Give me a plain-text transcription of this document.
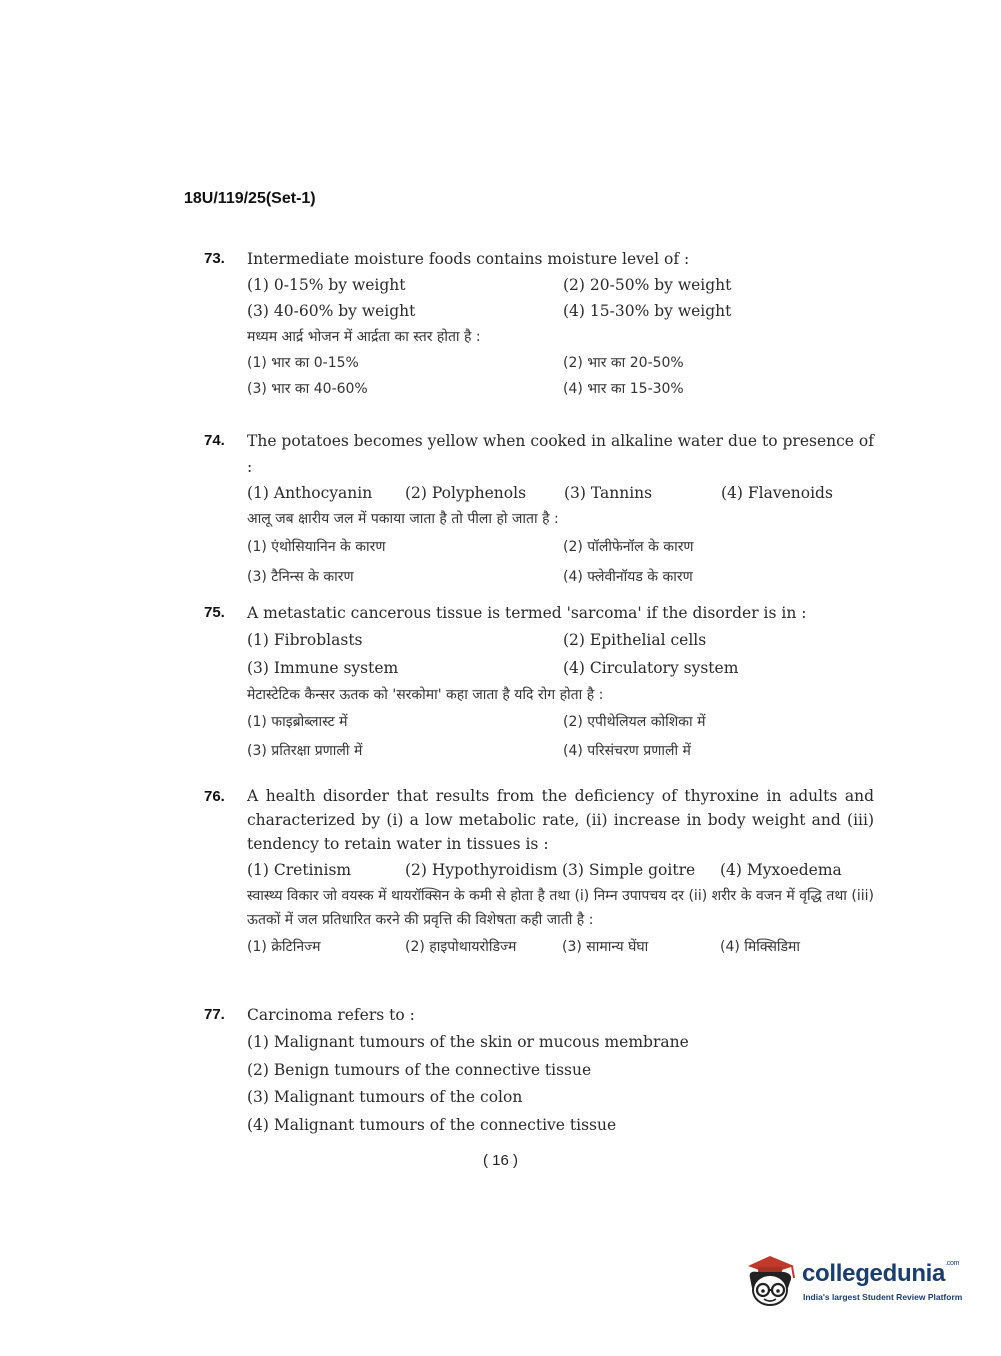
18U/119/25(Set-1)
73.	Intermediate moisture foods contains moisture level of :
(1) 0-15% by weight	(2) 20-50% by weight
(3) 40-60% by weight	(4) 15-30% by weight
मध्यम आर्द्र भोजन में आर्द्रता का स्तर होता है :
(1) भार का 0-15%	(2) भार का 20-50%
(3) भार का 40-60%	(4) भार का 15-30%
74.	The potatoes becomes yellow when cooked in alkaline water due to presence of :
(1) Anthocyanin	(2) Polyphenols	(3) Tannins	(4) Flavenoids
आलू जब क्षारीय जल में पकाया जाता है तो पीला हो जाता है :
(1) एंथोसियानिन के कारण	(2) पॉलीफेनॉल के कारण
(3) टैनिन्स के कारण	(4) फ्लेवीनॉयड के कारण
75.	A metastatic cancerous tissue is termed 'sarcoma' if the disorder is in :
(1) Fibroblasts	(2) Epithelial cells
(3) Immune system	(4) Circulatory system
मेटास्टेटिक कैन्सर ऊतक को 'सरकोमा' कहा जाता है यदि रोग होता है :
(1) फाइब्रोब्लास्ट में	(2) एपीथेलियल कोशिका में
(3) प्रतिरक्षा प्रणाली में	(4) परिसंचरण प्रणाली में
76.	A health disorder that results from the deficiency of thyroxine in adults and characterized by (i) a low metabolic rate, (ii) increase in body weight and (iii) tendency to retain water in tissues is :
(1) Cretinism	(2) Hypothyroidism (3) Simple goitre	(4) Myxoedema
स्वास्थ्य विकार जो वयस्क में थायरॉक्सिन के कमी से होता है तथा (i) निम्न उपापचय दर (ii) शरीर के वजन में वृद्धि तथा (iii) ऊतकों में जल प्रतिधारित करने की प्रवृत्ति की विशेषता कही जाती है :
(1) क्रेटिनिज्म	(2) हाइपोथायरोडिज्म	(3) सामान्य घेंघा	(4) मिक्सिडिमा
77.	Carcinoma refers to :
(1) Malignant tumours of the skin or mucous membrane
(2) Benign tumours of the connective tissue
(3) Malignant tumours of the colon
(4) Malignant tumours of the connective tissue
( 16 )
collegedunia$^{.com}$
India's largest Student Review Platform
